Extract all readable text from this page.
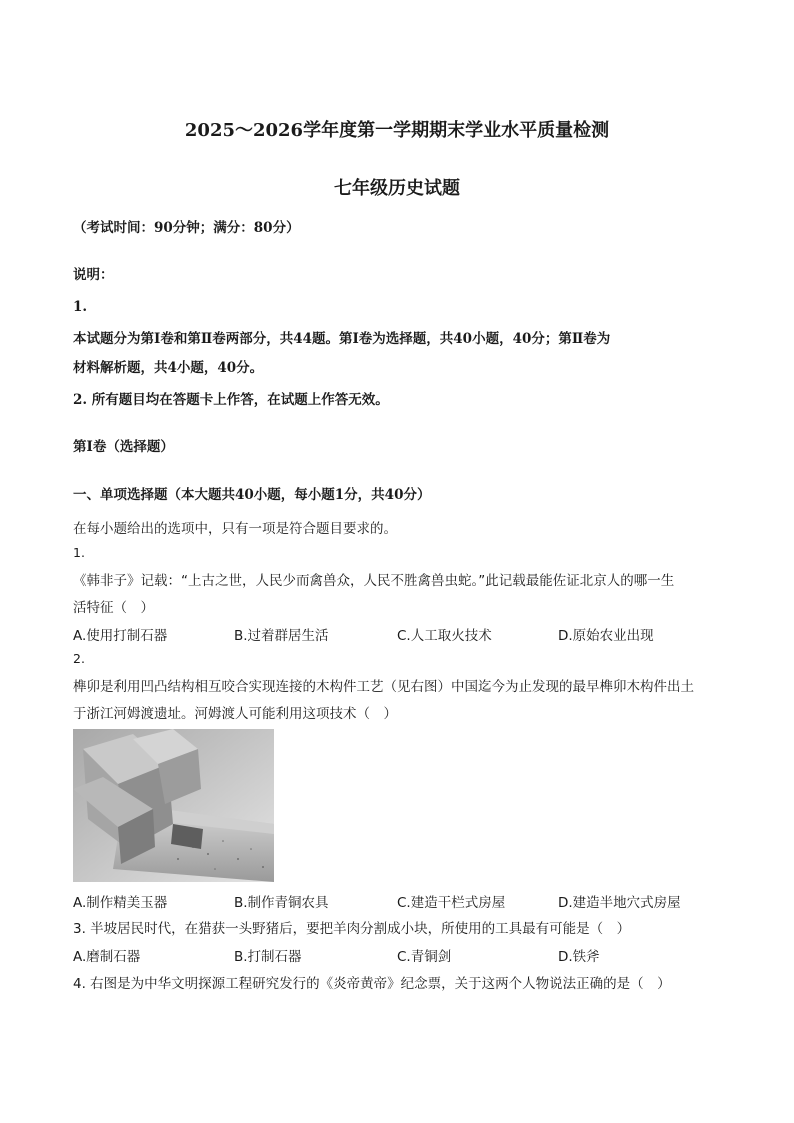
2025～2026学年度第一学期期末学业水平质量检测
七年级历史试题
（考试时间：90分钟；满分：80分）
说明：
1.
本试题分为第Ⅰ卷和第Ⅱ卷两部分，共44题。第Ⅰ卷为选择题，共40小题，40分；第Ⅱ卷为
材料解析题，共4小题，40分。
2. 所有题目均在答题卡上作答，在试题上作答无效。
第Ⅰ卷（选择题）
一、单项选择题（本大题共40小题，每小题1分，共40分）
在每小题给出的选项中，只有一项是符合题目要求的。
1.
《韩非子》记载：“上古之世，人民少而禽兽众，人民不胜禽兽虫蛇。”此记载最能佐证北京人的哪一生
活特征（　）
A.使用打制石器	B.过着群居生活	C.人工取火技术	D.原始农业出现
2.
榫卯是利用凹凸结构相互咬合实现连接的木构件工艺（见右图）中国迄今为止发现的最早榫卯木构件出土
于浙江河姆渡遗址。河姆渡人可能利用这项技术（　）
A.制作精美玉器	B.制作青铜农具	C.建造干栏式房屋	D.建造半地穴式房屋
3. 半坡居民时代，在猎获一头野猪后，要把羊肉分割成小块，所使用的工具最有可能是（　）
A.磨制石器	B.打制石器	C.青铜剑	D.铁斧
4. 右图是为中华文明探源工程研究发行的《炎帝黄帝》纪念票，关于这两个人物说法正确的是（　）
